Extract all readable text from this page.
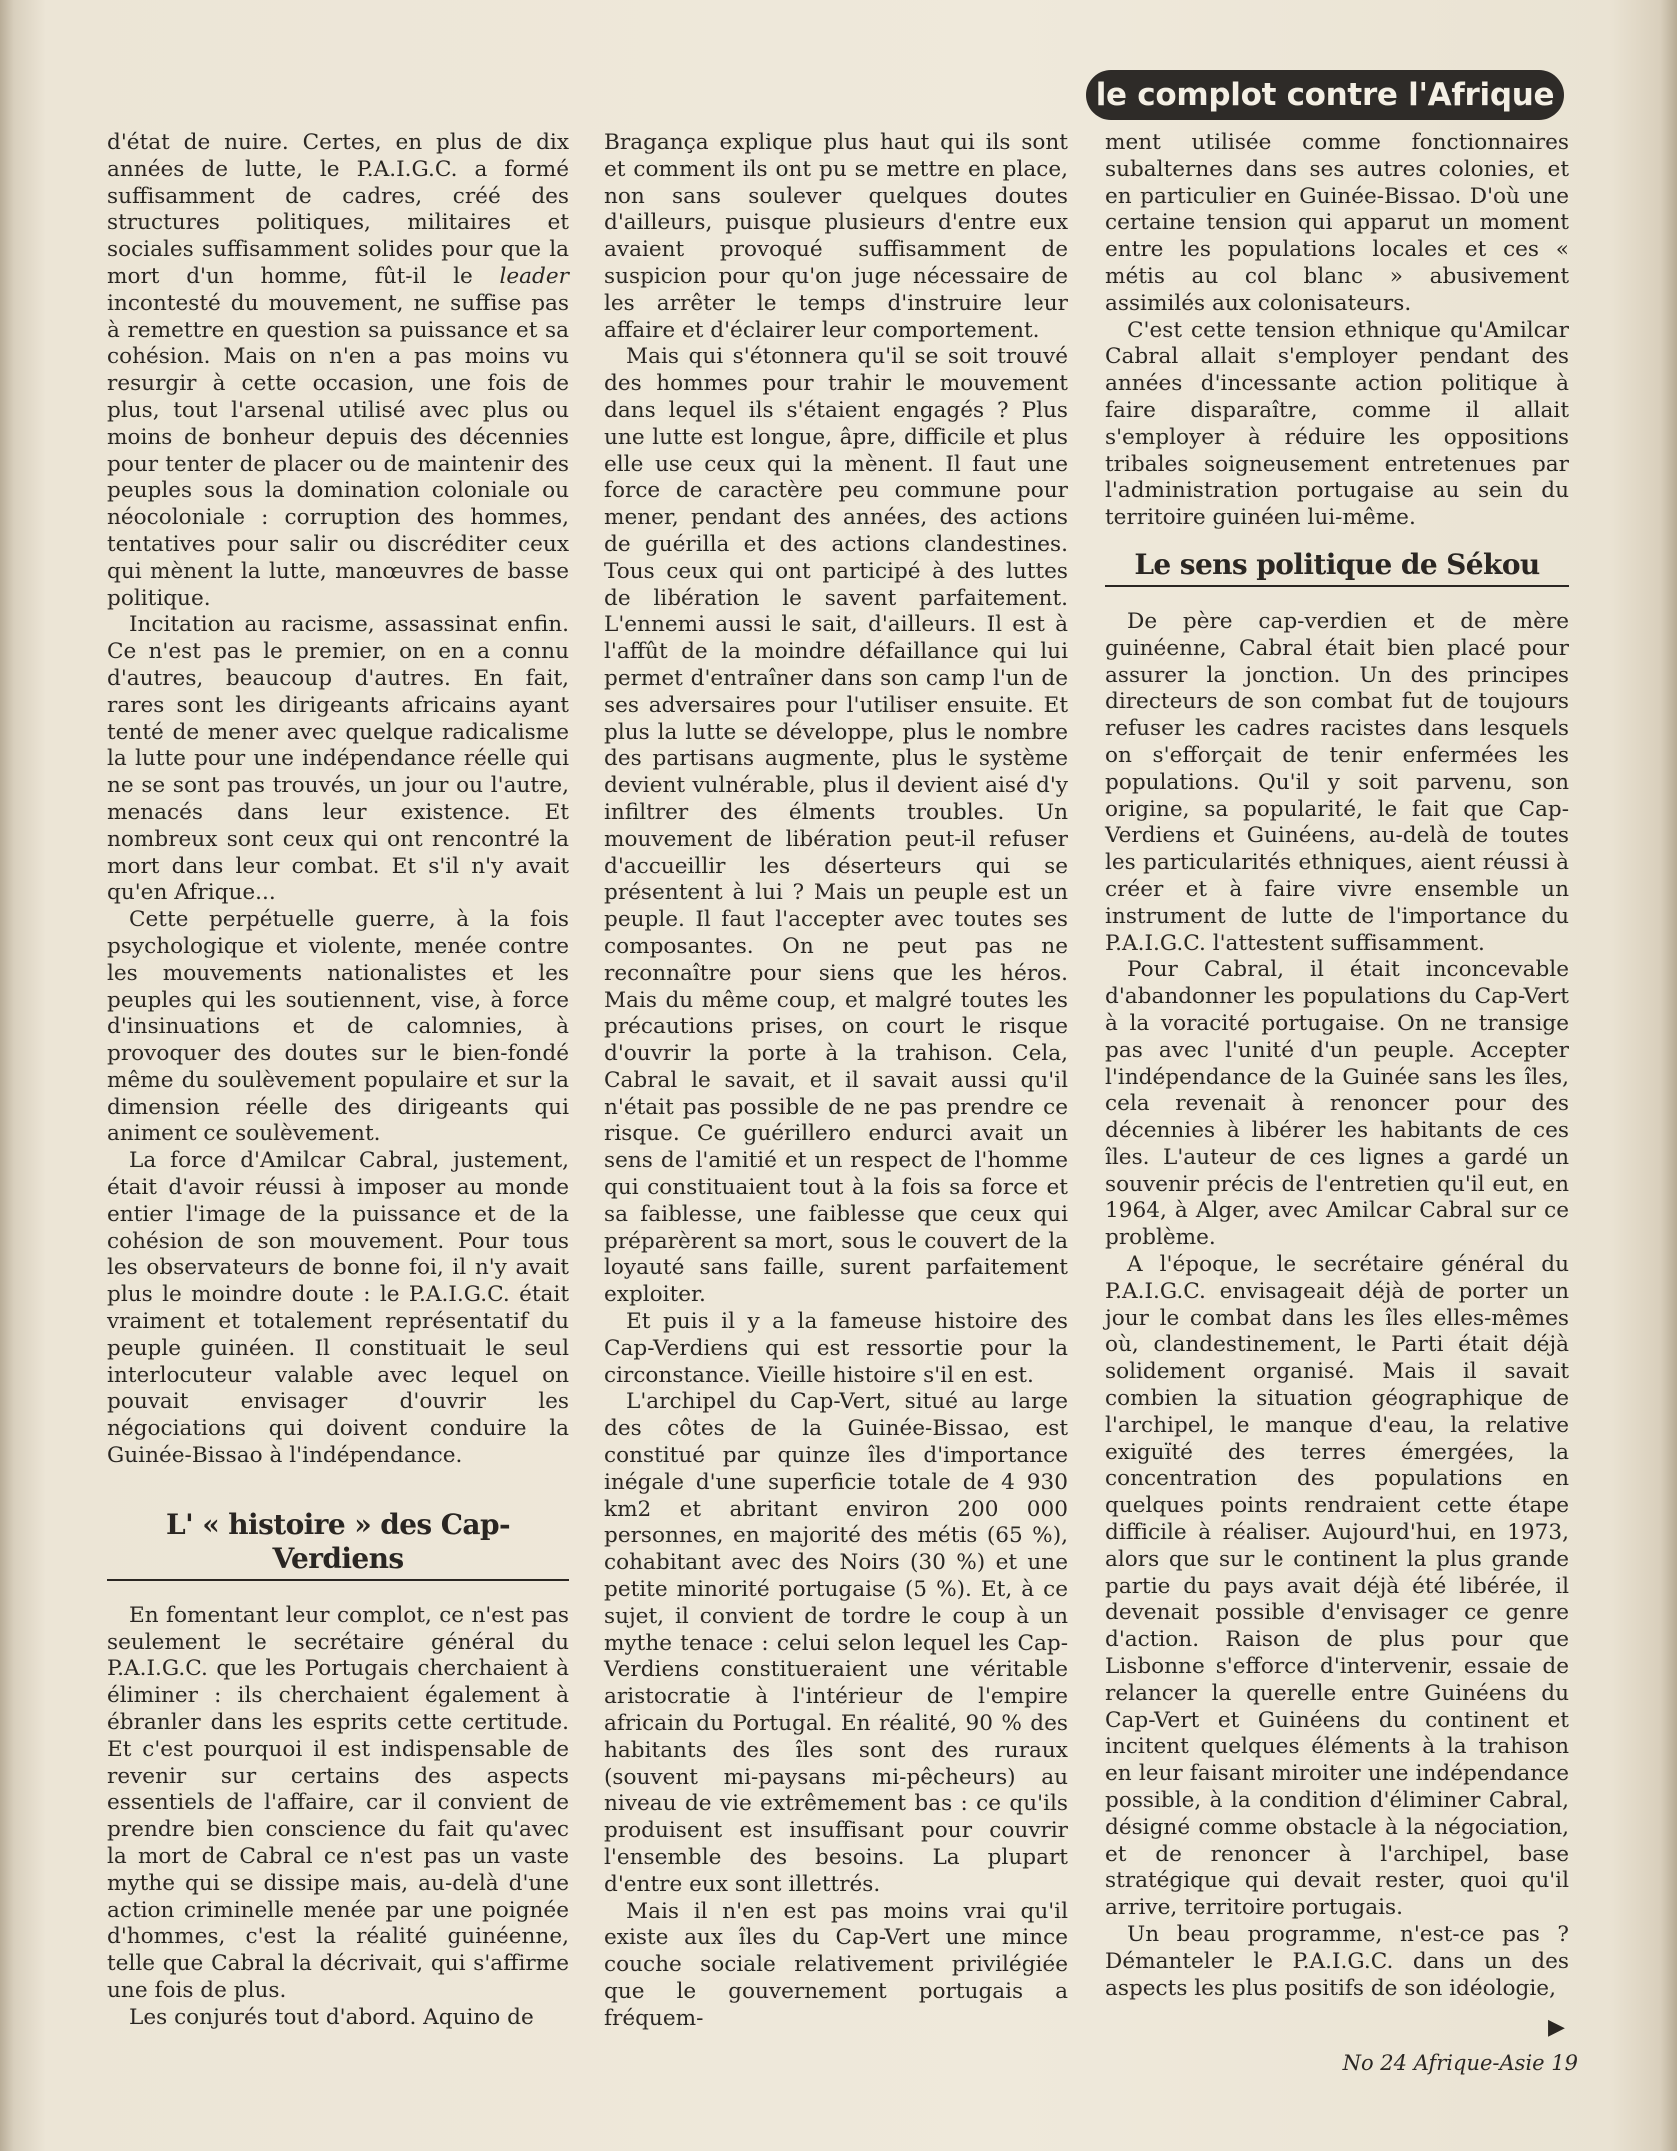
le complot contre l'Afrique

d'état de nuire. Certes, en plus de dix années de lutte, le P.A.I.G.C. a formé suffisamment de cadres, créé des structures politiques, militaires et sociales suffisamment solides pour que la mort d'un homme, fût-il le leader incontesté du mouvement, ne suffise pas à remettre en question sa puissance et sa cohésion. Mais on n'en a pas moins vu resurgir à cette occasion, une fois de plus, tout l'arsenal utilisé avec plus ou moins de bonheur depuis des décennies pour tenter de placer ou de maintenir des peuples sous la domination coloniale ou néocoloniale : corruption des hommes, tentatives pour salir ou discréditer ceux qui mènent la lutte, manœuvres de basse politique.

Incitation au racisme, assassinat enfin. Ce n'est pas le premier, on en a connu d'autres, beaucoup d'autres. En fait, rares sont les dirigeants africains ayant tenté de mener avec quelque radicalisme la lutte pour une indépendance réelle qui ne se sont pas trouvés, un jour ou l'autre, menacés dans leur existence. Et nombreux sont ceux qui ont rencontré la mort dans leur combat. Et s'il n'y avait qu'en Afrique...

Cette perpétuelle guerre, à la fois psychologique et violente, menée contre les mouvements nationalistes et les peuples qui les soutiennent, vise, à force d'insinuations et de calomnies, à provoquer des doutes sur le bien-fondé même du soulèvement populaire et sur la dimension réelle des dirigeants qui animent ce soulèvement.

La force d'Amilcar Cabral, justement, était d'avoir réussi à imposer au monde entier l'image de la puissance et de la cohésion de son mouvement. Pour tous les observateurs de bonne foi, il n'y avait plus le moindre doute : le P.A.I.G.C. était vraiment et totalement représentatif du peuple guinéen. Il constituait le seul interlocuteur valable avec lequel on pouvait envisager d'ouvrir les négociations qui doivent conduire la Guinée-Bissao à l'indépendance.

L' « histoire » des Cap-Verdiens

En fomentant leur complot, ce n'est pas seulement le secrétaire général du P.A.I.G.C. que les Portugais cherchaient à éliminer : ils cherchaient également à ébranler dans les esprits cette certitude. Et c'est pourquoi il est indispensable de revenir sur certains des aspects essentiels de l'affaire, car il convient de prendre bien conscience du fait qu'avec la mort de Cabral ce n'est pas un vaste mythe qui se dissipe mais, au-delà d'une action criminelle menée par une poignée d'hommes, c'est la réalité guinéenne, telle que Cabral la décrivait, qui s'affirme une fois de plus.

Les conjurés tout d'abord. Aquino de

Bragança explique plus haut qui ils sont et comment ils ont pu se mettre en place, non sans soulever quelques doutes d'ailleurs, puisque plusieurs d'entre eux avaient provoqué suffisamment de suspicion pour qu'on juge nécessaire de les arrêter le temps d'instruire leur affaire et d'éclairer leur comportement.

Mais qui s'étonnera qu'il se soit trouvé des hommes pour trahir le mouvement dans lequel ils s'étaient engagés ? Plus une lutte est longue, âpre, difficile et plus elle use ceux qui la mènent. Il faut une force de caractère peu commune pour mener, pendant des années, des actions de guérilla et des actions clandestines. Tous ceux qui ont participé à des luttes de libération le savent parfaitement. L'ennemi aussi le sait, d'ailleurs. Il est à l'affût de la moindre défaillance qui lui permet d'entraîner dans son camp l'un de ses adversaires pour l'utiliser ensuite. Et plus la lutte se développe, plus le nombre des partisans augmente, plus le système devient vulnérable, plus il devient aisé d'y infiltrer des élments troubles. Un mouvement de libération peut-il refuser d'accueillir les déserteurs qui se présentent à lui ? Mais un peuple est un peuple. Il faut l'accepter avec toutes ses composantes. On ne peut pas ne reconnaître pour siens que les héros. Mais du même coup, et malgré toutes les précautions prises, on court le risque d'ouvrir la porte à la trahison. Cela, Cabral le savait, et il savait aussi qu'il n'était pas possible de ne pas prendre ce risque. Ce guérillero endurci avait un sens de l'amitié et un respect de l'homme qui constituaient tout à la fois sa force et sa faiblesse, une faiblesse que ceux qui préparèrent sa mort, sous le couvert de la loyauté sans faille, surent parfaitement exploiter.

Et puis il y a la fameuse histoire des Cap-Verdiens qui est ressortie pour la circonstance. Vieille histoire s'il en est.

L'archipel du Cap-Vert, situé au large des côtes de la Guinée-Bissao, est constitué par quinze îles d'importance inégale d'une superficie totale de 4 930 km2 et abritant environ 200 000 personnes, en majorité des métis (65 %), cohabitant avec des Noirs (30 %) et une petite minorité portugaise (5 %). Et, à ce sujet, il convient de tordre le coup à un mythe tenace : celui selon lequel les Cap-Verdiens constitueraient une véritable aristocratie à l'intérieur de l'empire africain du Portugal. En réalité, 90 % des habitants des îles sont des ruraux (souvent mi-paysans mi-pêcheurs) au niveau de vie extrêmement bas : ce qu'ils produisent est insuffisant pour couvrir l'ensemble des besoins. La plupart d'entre eux sont illettrés.

Mais il n'en est pas moins vrai qu'il existe aux îles du Cap-Vert une mince couche sociale relativement privilégiée que le gouvernement portugais a fréquem-

ment utilisée comme fonctionnaires subalternes dans ses autres colonies, et en particulier en Guinée-Bissao. D'où une certaine tension qui apparut un moment entre les populations locales et ces « métis au col blanc » abusivement assimilés aux colonisateurs.

C'est cette tension ethnique qu'Amilcar Cabral allait s'employer pendant des années d'incessante action politique à faire disparaître, comme il allait s'employer à réduire les oppositions tribales soigneusement entretenues par l'administration portugaise au sein du territoire guinéen lui-même.

Le sens politique de Sékou

De père cap-verdien et de mère guinéenne, Cabral était bien placé pour assurer la jonction. Un des principes directeurs de son combat fut de toujours refuser les cadres racistes dans lesquels on s'efforçait de tenir enfermées les populations. Qu'il y soit parvenu, son origine, sa popularité, le fait que Cap-Verdiens et Guinéens, au-delà de toutes les particularités ethniques, aient réussi à créer et à faire vivre ensemble un instrument de lutte de l'importance du P.A.I.G.C. l'attestent suffisamment.

Pour Cabral, il était inconcevable d'abandonner les populations du Cap-Vert à la voracité portugaise. On ne transige pas avec l'unité d'un peuple. Accepter l'indépendance de la Guinée sans les îles, cela revenait à renoncer pour des décennies à libérer les habitants de ces îles. L'auteur de ces lignes a gardé un souvenir précis de l'entretien qu'il eut, en 1964, à Alger, avec Amilcar Cabral sur ce problème.

A l'époque, le secrétaire général du P.A.I.G.C. envisageait déjà de porter un jour le combat dans les îles elles-mêmes où, clandestinement, le Parti était déjà solidement organisé. Mais il savait combien la situation géographique de l'archipel, le manque d'eau, la relative exiguïté des terres émergées, la concentration des populations en quelques points rendraient cette étape difficile à réaliser. Aujourd'hui, en 1973, alors que sur le continent la plus grande partie du pays avait déjà été libérée, il devenait possible d'envisager ce genre d'action. Raison de plus pour que Lisbonne s'efforce d'intervenir, essaie de relancer la querelle entre Guinéens du Cap-Vert et Guinéens du continent et incitent quelques éléments à la trahison en leur faisant miroiter une indépendance possible, à la condition d'éliminer Cabral, désigné comme obstacle à la négociation, et de renoncer à l'archipel, base stratégique qui devait rester, quoi qu'il arrive, territoire portugais.

Un beau programme, n'est-ce pas ? Démanteler le P.A.I.G.C. dans un des aspects les plus positifs de son idéologie,

▶
No 24 Afrique-Asie 19
